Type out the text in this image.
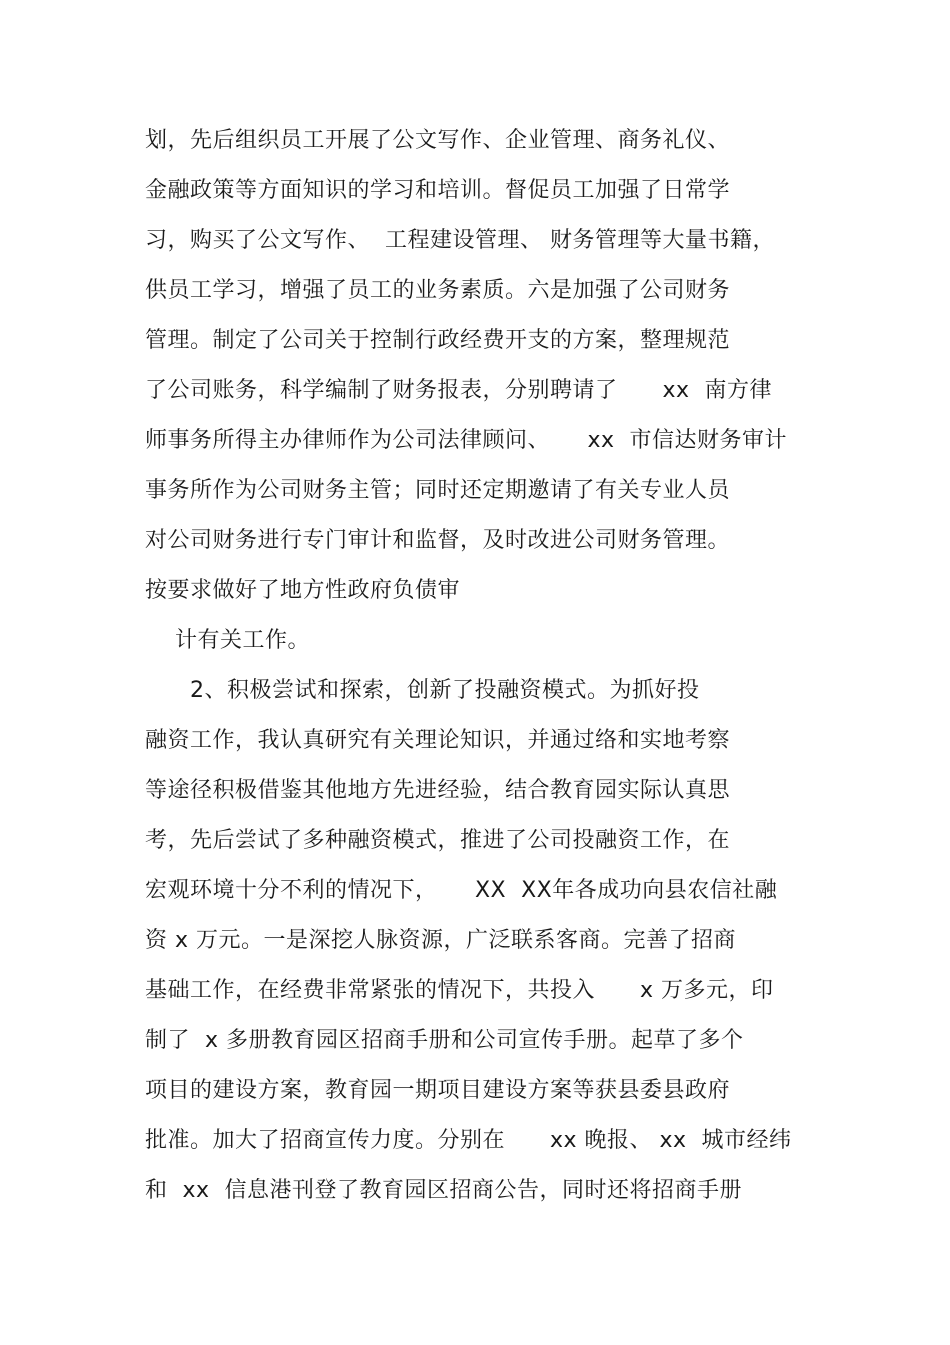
划，先后组织员工开展了公文写作、企业管理、商务礼仪、
金融政策等方面知识的学习和培训。督促员工加强了日常学
习，购买了公文写作、  工程建设管理、 财务管理等大量书籍，
供员工学习，增强了员工的业务素质。六是加强了公司财务
管理。制定了公司关于控制行政经费开支的方案，整理规范
了公司账务，科学编制了财务报表，分别聘请了      xx  南方律
师事务所得主办律师作为公司法律顾问、     xx  市信达财务审计
事务所作为公司财务主管；同时还定期邀请了有关专业人员
对公司财务进行专门审计和监督，及时改进公司财务管理。
按要求做好了地方性政府负债审
计有关工作。
2、积极尝试和探索，创新了投融资模式。为抓好投
融资工作，我认真研究有关理论知识，并通过络和实地考察
等途径积极借鉴其他地方先进经验，结合教育园实际认真思
考，先后尝试了多种融资模式，推进了公司投融资工作，在
宏观环境十分不利的情况下，     XX  XX年各成功向县农信社融
资 x 万元。一是深挖人脉资源，广泛联系客商。完善了招商
基础工作，在经费非常紧张的情况下，共投入      x 万多元，印
制了  x 多册教育园区招商手册和公司宣传手册。起草了多个
项目的建设方案，教育园一期项目建设方案等获县委县政府
批准。加大了招商宣传力度。分别在      xx 晚报、 xx  城市经纬
和  xx  信息港刊登了教育园区招商公告，同时还将招商手册
